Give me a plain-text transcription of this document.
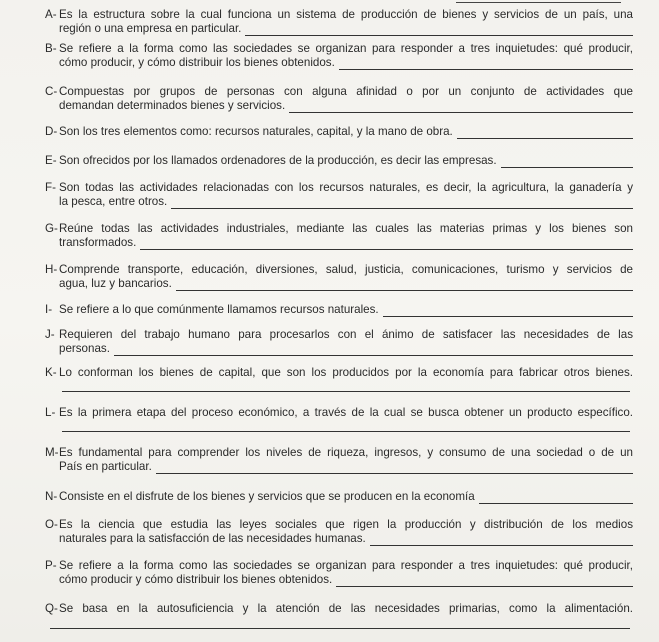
A- Es la estructura sobre la cual funciona un sistema de producción de bienes y servicios de un país, una
región o una empresa en particular.
B- Se refiere a la forma como las sociedades se organizan para responder a tres inquietudes: qué producir,
cómo producir, y cómo distribuir los bienes obtenidos.
C- Compuestas por grupos de personas con alguna afinidad o por un conjunto de actividades que
demandan determinados bienes y servicios.
D- Son los tres elementos como: recursos naturales, capital, y la mano de obra.
E- Son ofrecidos por los llamados ordenadores de la producción, es decir las empresas.
F- Son todas las actividades relacionadas con los recursos naturales, es decir, la agricultura, la ganadería y
la pesca, entre otros.
G- Reúne todas las actividades industriales, mediante las cuales las materias primas y los bienes son
transformados.
H- Comprende transporte, educación, diversiones, salud, justicia, comunicaciones, turismo y servicios de
agua, luz y bancarios.
I- Se refiere a lo que comúnmente llamamos recursos naturales.
J- Requieren del trabajo humano para procesarlos con el ánimo de satisfacer las necesidades de las
personas.
K- Lo conforman los bienes de capital, que son los producidos por la economía para fabricar otros bienes.
L- Es la primera etapa del proceso económico, a través de la cual se busca obtener un producto específico.
M- Es fundamental para comprender los niveles de riqueza, ingresos, y consumo de una sociedad o de un
País en particular.
N- Consiste en el disfrute de los bienes y servicios que se producen en la economía
O- Es la ciencia que estudia las leyes sociales que rigen la producción y distribución de los medios
naturales para la satisfacción de las necesidades humanas.
P- Se refiere a la forma como las sociedades se organizan para responder a tres inquietudes: qué producir,
cómo producir y cómo distribuir los bienes obtenidos.
Q- Se basa en la autosuficiencia y la atención de las necesidades primarias, como la alimentación.
